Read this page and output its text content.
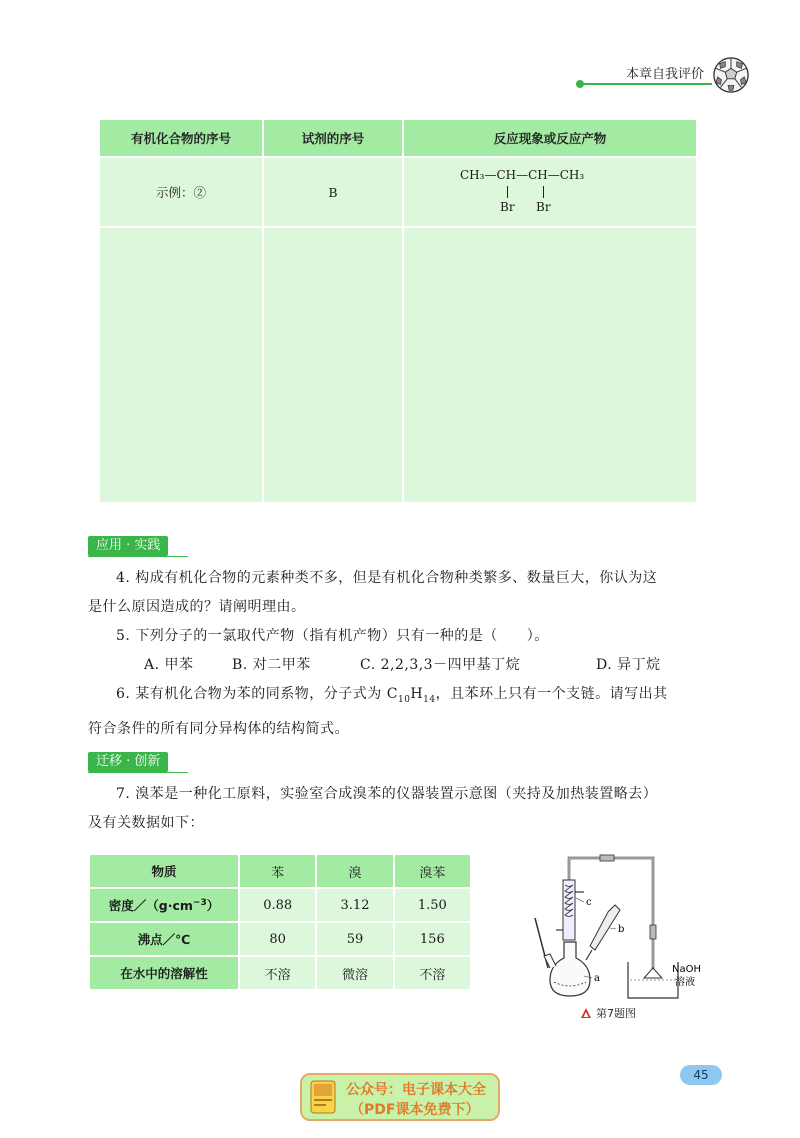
本章自我评价
有机化合物的序号	试剂的序号	反应现象或反应产物
示例：②	B	CH₃—CH—CH—CH₃
Br Br

应用 · 实践

4. 构成有机化合物的元素种类不多，但是有机化合物种类繁多、数量巨大，你认为这

是什么原因造成的？请阐明理由。

5. 下列分子的一氯取代产物（指有机产物）只有一种的是（　　）。

A. 甲苯	B. 对二甲苯	C. 2,2,3,3－四甲基丁烷	D. 异丁烷

6. 某有机化合物为苯的同系物，分子式为 $C_{10}H_{14}$，且苯环上只有一个支链。请写出其

符合条件的所有同分异构体的结构简式。

迁移 · 创新

7. 溴苯是一种化工原料，实验室合成溴苯的仪器装置示意图（夹持及加热装置略去）

及有关数据如下：

物质	苯	溴	溴苯
密度$/(g\cdot cm^{-3})$	0.88	3.12	1.50
沸点／℃	80	59	156
在水中的溶解性	不溶	微溶	不溶
c
b
a
NaOH
溶液
第7题图
45
公众号：电子课本大全
（PDF课本免费下）
